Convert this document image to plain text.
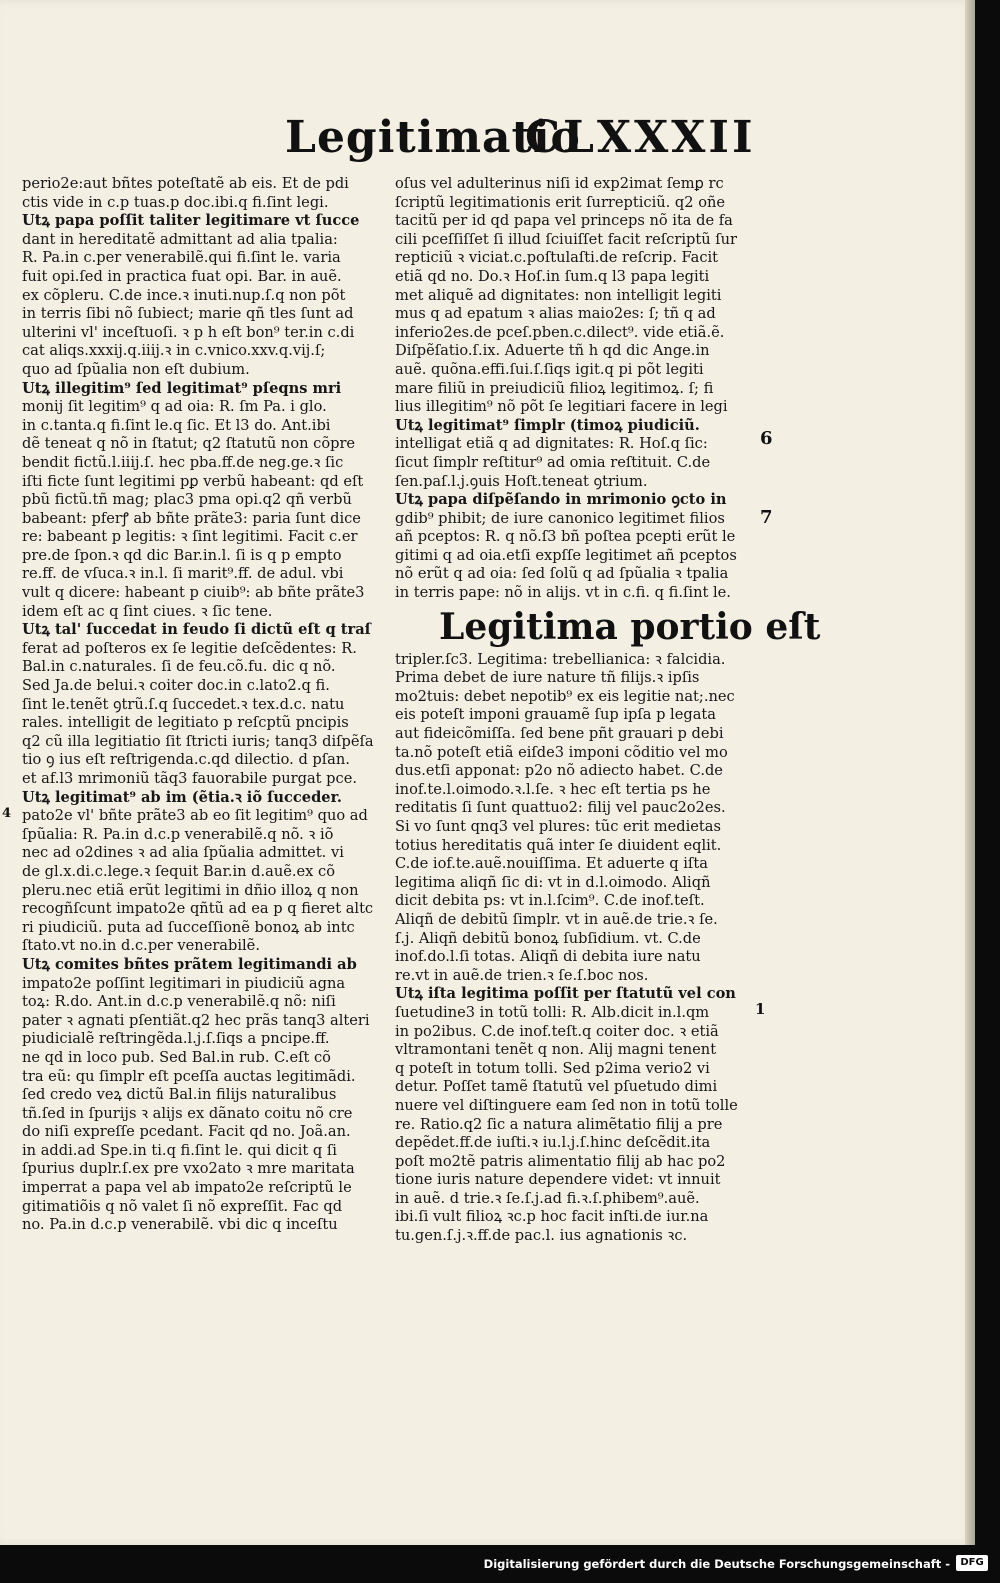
Legitimatio
CLXXXII
perio2e:aut bñtes poteſtatẽ ab eis. Et de pdi
ctis vide in c.p tuas.p doc.ibi.q fi.ſint legi.
Utꝝ papa poſſit taliter legitimare vt ſucce
dant in hereditatẽ admittant ad alia tpalia:
R. Pa.in c.per venerabilẽ.qui fi.ſint le. varia
fuit opi.ſed in practica fuat opi. Bar. in auẽ.
ex cõpleru. C.de ince.ꝛ inuti.nup.ſ.q non põt
in terris ſibi nõ ſubiect; marie qñ tles ſunt ad
ulterini vl' inceſtuoſi. ꝛ p h eſt bon⁹ ter.in c.di
cat aliqs.xxxij.q.iiij.ꝛ in c.vnico.xxv.q.vij.ſ;
quo ad ſpũalia non eſt dubium.
Utꝝ illegitim⁹ ſed legitimat⁹ pſeqns mri
monij ſit legitim⁹ q ad oia: R. ſm Pa. i glo.
in c.tanta.q fi.ſint le.q ſic. Et l3 do. Ant.ibi
dẽ teneat q nõ in ſtatut; q2 ſtatutũ non cõpre
bendit fictũ.l.iiij.ſ. hec pba.ff.de neg.ge.ꝛ ſic
iſti ficte ſunt legitimi pꝑ verbũ habeant: qd eſt
pbũ fictũ.tñ mag; plac3 pma opi.q2 qñ verbũ
babeant: pferꝭ ab bñte prãte3: paria ſunt dice
re: babeant p legitis: ꝛ ſint legitimi. Facit c.er
pre.de ſpon.ꝛ qd dic Bar.in.l. ſi is q p empto
re.ff. de vſuca.ꝛ in.l. ſi marit⁹.ff. de adul. vbi
vult q dicere: habeant p ciuib⁹: ab bñte prãte3
idem eſt ac q ſint ciues. ꝛ ſic tene.
Utꝝ tal' ſuccedat in feudo ſi dictũ eſt q traſ
ferat ad poſteros ex ſe legitie deſcẽdentes: R.
Bal.in c.naturales. ſi de feu.cõ.fu. dic q nõ.
Sed Ja.de belui.ꝛ coiter doc.in c.lato2.q fi.
ſint le.tenẽt ꝯtrũ.ſ.q ſuccedet.ꝛ tex.d.c. natu
rales. intelligit de legitiato p reſcptũ pncipis
q2 cũ illa legitiatio ſit ſtricti iuris; tanq3 diſpẽſa
tio ꝯ ius eſt reſtrigenda.c.qd dilectio. d pſan.
et af.l3 mrimoniũ tãq3 fauorabile purgat pce.
Utꝝ legitimat⁹ ab im (ẽtia.ꝛ iõ ſucceder.
pato2e vl' bñte prãte3 ab eo ſit legitim⁹ quo ad
ſpũalia: R. Pa.in d.c.p venerabilẽ.q nõ. ꝛ iõ
nec ad o2dines ꝛ ad alia ſpũalia admittet. vi
de gl.x.di.c.lege.ꝛ ſequit Bar.in d.auẽ.ex cõ
pleru.nec etiã erũt legitimi in dñio illoꝝ q non
recogñſcunt impato2e qñtũ ad ea p q fieret altc
ri piudiciũ. puta ad ſucceſſionẽ bonoꝝ ab intc
ſtato.vt no.in d.c.per venerabilẽ.
Utꝝ comites bñtes prãtem legitimandi ab
impato2e poſſint legitimari in piudiciũ agna
toꝝ: R.do. Ant.in d.c.p venerabilẽ.q nõ: niſi
pater ꝛ agnati pſentiãt.q2 hec prãs tanq3 alteri
piudicialẽ reſtringẽda.l.j.ſ.ſiqs a pncipe.ff.
ne qd in loco pub. Sed Bal.in rub. C.eſt cõ
tra eũ: qu ſimplr eſt pceſſa auctas legitimãdi.
ſed credo veꝝ dictũ Bal.in filijs naturalibus
tñ.ſed in ſpurijs ꝛ alijs ex dãnato coitu nõ cre
do niſi expreſſe pcedant. Facit qd no. Joã.an.
in addi.ad Spe.in ti.q fi.ſint le. qui dicit q ſi
ſpurius duplr.ſ.ex pre vxo2ato ꝛ mre maritata
imperrat a papa vel ab impato2e reſcriptũ le
gitimatiõis q nõ valet ſi nõ expreſſit. Fac qd
no. Pa.in d.c.p venerabilẽ. vbi dic q inceſtu
oſus vel adulterinus niſi id exp2imat ſemꝑ rc
ſcriptũ legitimationis erit ſurrepticiũ. q2 oñe
tacitũ per id qd papa vel princeps nõ ita de fa
cili pceſſiſſet ſi illud ſciuiſſet facit reſcriptũ ſur
repticiũ ꝛ viciat.c.poſtulaſti.de reſcrip. Facit
etiã qd no. Do.ꝛ Hoſ.in ſum.q l3 papa legiti
met aliquẽ ad dignitates: non intelligit legiti
mus q ad epatum ꝛ alias maio2es: ſ; tñ q ad
inferio2es.de pceſ.pben.c.dilect⁹. vide etiã.ẽ.
Diſpẽſatio.ſ.ix. Aduerte tñ h qd dic Ange.in
auẽ. quõna.effi.ſui.ſ.ſiqs igit.q pi põt legiti
mare filiũ in preiudiciũ filioꝝ legitimoꝝ. ſ; fi
lius illegitim⁹ nõ põt ſe legitiari facere in legi
Utꝝ legitimat⁹ ſimplr (timoꝝ piudiciũ.
intelligat etiã q ad dignitates: R. Hoſ.q ſic:
ſicut ſimplr reſtitur⁹ ad omia reſtituit. C.de
ſen.paſ.l.j.ꝯuis Hoſt.teneat ꝯtrium.
Utꝝ papa diſpẽſando in mrimonio ꝯcto in
gdib⁹ phibit; de iure canonico legitimet filios
añ pceptos: R. q nõ.ſ3 bñ poſtea pcepti erũt le
gitimi q ad oia.etſi expſſe legitimet añ pceptos
nõ erũt q ad oia: ſed ſolũ q ad ſpũalia ꝛ tpalia
in terris pape: nõ in alijs. vt in c.fi. q fi.ſint le.
Legitima portio eſt
tripler.ſc3. Legitima: trebellianica: ꝛ falcidia.
Prima debet de iure nature tñ filijs.ꝛ ipſis
mo2tuis: debet nepotib⁹ ex eis legitie nat;.nec
eis poteſt imponi grauamẽ ſup ipſa p legata
aut fideicõmiſſa. ſed bene pñt grauari p debi
ta.nõ poteſt etiã eiſde3 imponi cõditio vel mo
dus.etſi apponat: p2o nõ adiecto habet. C.de
inof.te.l.oimodo.ꝛ.l.ſe. ꝛ hec eſt tertia ps he
reditatis ſi ſunt quattuo2: filij vel pauc2o2es.
Si vo ſunt qnq3 vel plures: tũc erit medietas
totius hereditatis quã inter ſe diuident eqlit.
C.de iof.te.auẽ.nouiſſima. Et aduerte q iſta
legitima aliqñ ſic di: vt in d.l.oimodo. Aliqñ
dicit debita ps: vt in.l.ſcim⁹. C.de inof.teſt.
Aliqñ de debitũ ſimplr. vt in auẽ.de trie.ꝛ ſe.
ſ.j. Aliqñ debitũ bonoꝝ ſubſidium. vt. C.de
inof.do.l.ſi totas. Aliqñ di debita iure natu
re.vt in auẽ.de trien.ꝛ ſe.ſ.boc nos.
Utꝝ iſta legitima poſſit per ſtatutũ vel con
ſuetudine3 in totũ tolli: R. Alb.dicit in.l.qm
in po2ibus. C.de inof.teſt.q coiter doc. ꝛ etiã
vltramontani tenẽt q non. Alij magni tenent
q poteſt in totum tolli. Sed p2ima verio2 vi
detur. Poſſet tamẽ ſtatutũ vel pſuetudo dimi
nuere vel diſtinguere eam ſed non in totũ tolle
re. Ratio.q2 ſic a natura alimẽtatio filij a pre
depẽdet.ff.de iuſti.ꝛ iu.l.j.ſ.hinc deſcẽdit.ita
poſt mo2tẽ patris alimentatio filij ab hac po2
tione iuris nature dependere videt: vt innuit
in auẽ. d trie.ꝛ ſe.ſ.j.ad fi.ꝛ.ſ.phibem⁹.auẽ.
ibi.ſi vult filioꝝ ꝛc.p hoc facit inſti.de iur.na
tu.gen.ſ.j.ꝛ.ff.de pac.l. ius agnationis ꝛc.
6
7
1
4
Digitalisierung gefördert durch die Deutsche Forschungsgemeinschaft -	DFG
